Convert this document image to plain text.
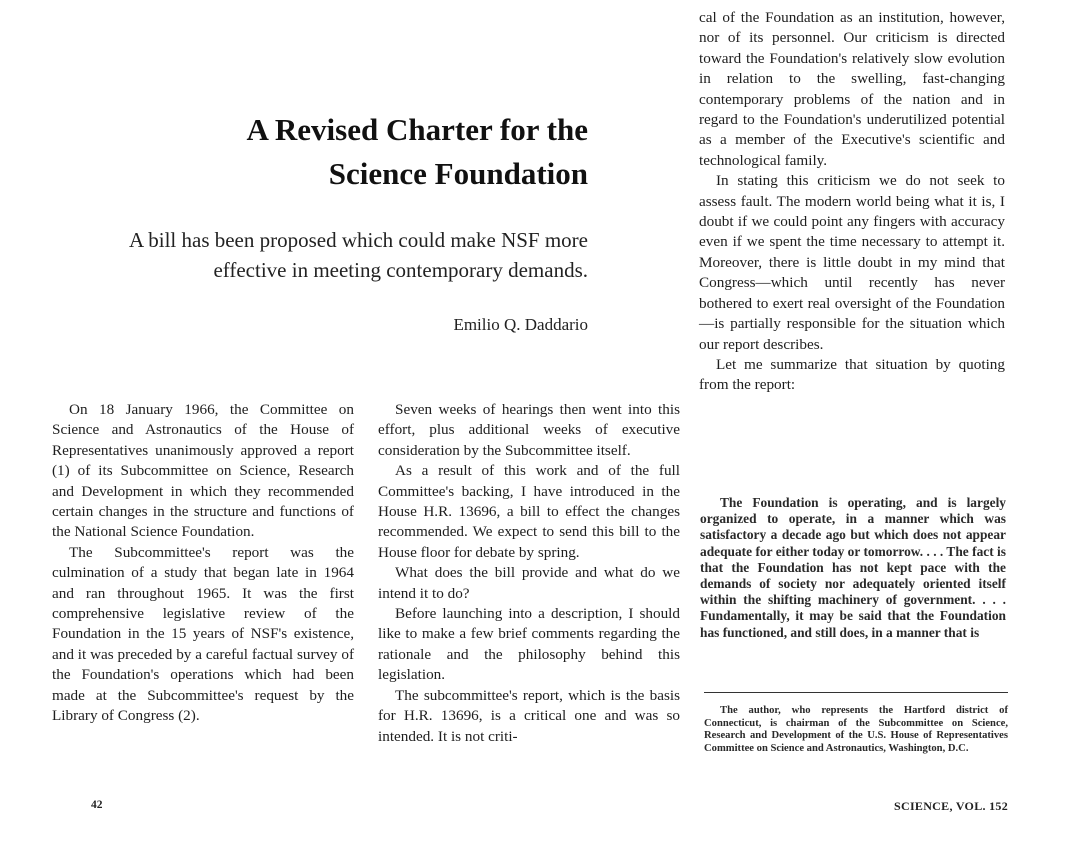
A Revised Charter for the
Science Foundation
A bill has been proposed which could make NSF more
effective in meeting contemporary demands.
Emilio Q. Daddario

On 18 January 1966, the Committee on Science and Astronautics of the House of Representatives unanimously approved a report (1) of its Subcommittee on Science, Research and Development in which they recommended certain changes in the structure and functions of the National Science Foundation.

The Subcommittee's report was the culmination of a study that began late in 1964 and ran throughout 1965. It was the first comprehensive legislative review of the Foundation in the 15 years of NSF's existence, and it was preceded by a careful factual survey of the Foundation's operations which had been made at the Subcommittee's request by the Library of Congress (2).

Seven weeks of hearings then went into this effort, plus additional weeks of executive consideration by the Subcommittee itself.

As a result of this work and of the full Committee's backing, I have introduced in the House H.R. 13696, a bill to effect the changes recommended. We expect to send this bill to the House floor for debate by spring.

What does the bill provide and what do we intend it to do?

Before launching into a description, I should like to make a few brief comments regarding the rationale and the philosophy behind this legislation.

The subcommittee's report, which is the basis for H.R. 13696, is a critical one and was so intended. It is not criti-

cal of the Foundation as an institution, however, nor of its personnel. Our criticism is directed toward the Foundation's relatively slow evolution in relation to the swelling, fast-changing contemporary problems of the nation and in regard to the Foundation's underutilized potential as a member of the Executive's scientific and technological family.

In stating this criticism we do not seek to assess fault. The modern world being what it is, I doubt if we could point any fingers with accuracy even if we spent the time necessary to attempt it. Moreover, there is little doubt in my mind that Congress—which until recently has never bothered to exert real oversight of the Foundation—is partially responsible for the situation which our report describes.

Let me summarize that situation by quoting from the report:

The Foundation is operating, and is largely organized to operate, in a manner which was satisfactory a decade ago but which does not appear adequate for either today or tomorrow. . . . The fact is that the Foundation has not kept pace with the demands of society nor adequately oriented itself within the shifting machinery of government. . . . Fundamentally, it may be said that the Foundation has functioned, and still does, in a manner that is

The author, who represents the Hartford district of Connecticut, is chairman of the Subcommittee on Science, Research and Development of the U.S. House of Representatives Committee on Science and Astronautics, Washington, D.C.

42	SCIENCE, VOL. 152
